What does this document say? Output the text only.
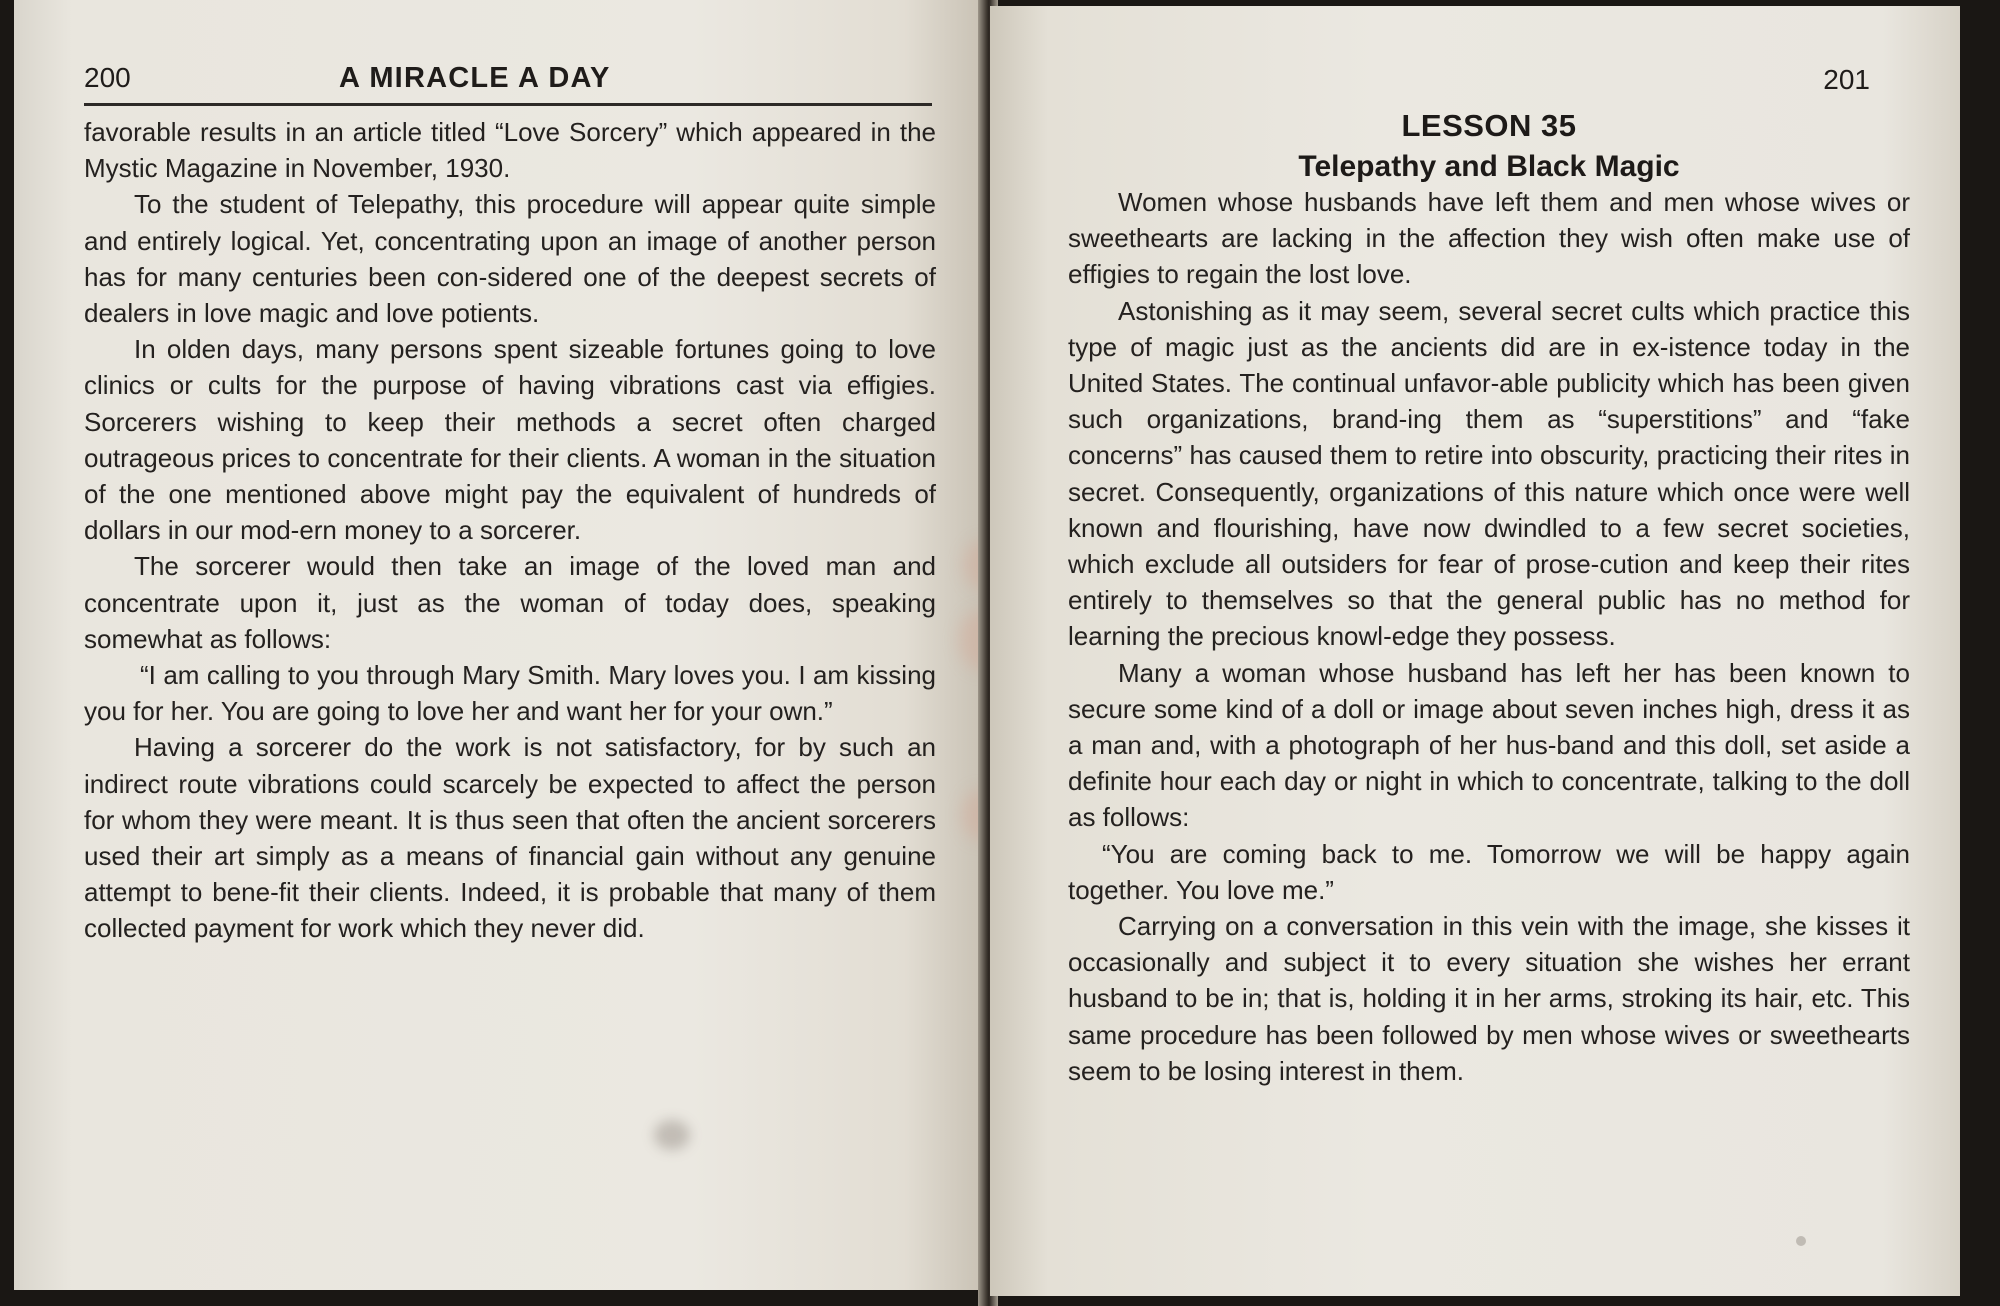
200	A MIRACLE A DAY

favorable results in an article titled “Love Sorcery” which appeared in the Mystic Magazine in November, 1930.

To the student of Telepathy, this procedure will appear quite simple and entirely logical. Yet, concentrating upon an image of another person has for many centuries been con-sidered one of the deepest secrets of dealers in love magic and love potients.

In olden days, many persons spent sizeable fortunes going to love clinics or cults for the purpose of having vibrations cast via effigies. Sorcerers wishing to keep their methods a secret often charged outrageous prices to concentrate for their clients. A woman in the situation of the one mentioned above might pay the equivalent of hundreds of dollars in our mod-ern money to a sorcerer.

The sorcerer would then take an image of the loved man and concentrate upon it, just as the woman of today does, speaking somewhat as follows:

“I am calling to you through Mary Smith. Mary loves you. I am kissing you for her. You are going to love her and want her for your own.”

Having a sorcerer do the work is not satisfactory, for by such an indirect route vibrations could scarcely be expected to affect the person for whom they were meant. It is thus seen that often the ancient sorcerers used their art simply as a means of financial gain without any genuine attempt to bene-fit their clients. Indeed, it is probable that many of them collected payment for work which they never did.

201
LESSON 35
Telepathy and Black Magic

Women whose husbands have left them and men whose wives or sweethearts are lacking in the affection they wish often make use of effigies to regain the lost love.

Astonishing as it may seem, several secret cults which practice this type of magic just as the ancients did are in ex-istence today in the United States. The continual unfavor-able publicity which has been given such organizations, brand-ing them as “superstitions” and “fake concerns” has caused them to retire into obscurity, practicing their rites in secret. Consequently, organizations of this nature which once were well known and flourishing, have now dwindled to a few secret societies, which exclude all outsiders for fear of prose-cution and keep their rites entirely to themselves so that the general public has no method for learning the precious knowl-edge they possess.

Many a woman whose husband has left her has been known to secure some kind of a doll or image about seven inches high, dress it as a man and, with a photograph of her hus-band and this doll, set aside a definite hour each day or night in which to concentrate, talking to the doll as follows:

“You are coming back to me. Tomorrow we will be happy again together. You love me.”

Carrying on a conversation in this vein with the image, she kisses it occasionally and subject it to every situation she wishes her errant husband to be in; that is, holding it in her arms, stroking its hair, etc. This same procedure has been followed by men whose wives or sweethearts seem to be losing interest in them.
